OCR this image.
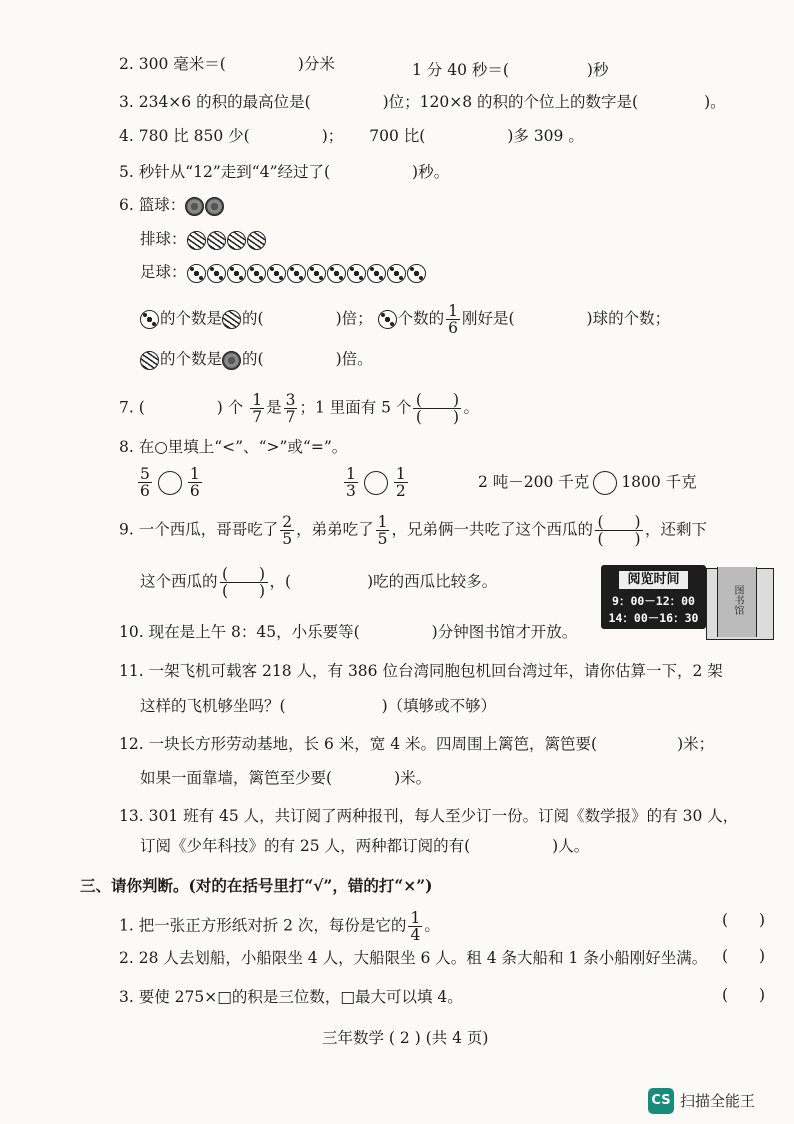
2. 300 毫米＝(	)分米	1 分 40 秒＝(	)秒
3. 234×6 的积的最高位是(	)位；120×8 的积的个位上的数字是(	)。
4. 780 比 850 少(	)； 700 比(	)多 309 。
5. 秒针从“12”走到“4”经过了(	)秒。
6. 篮球：
排球：
足球：
的个数是 的(	)倍； 个数的 $\frac{1}{6}$ 刚好是(	)球的个数；
的个数是 的(	)倍。
7. (	) 个 $\frac{1}{7}$ 是 $\frac{3}{7}$ ；1 里面有 5 个 (　　)
(　　)
。
8. 在○里填上“<”、“>”或“=”。
$\frac{5}{6} \frac{1}{6}$	$\frac{1}{3} \frac{1}{2}$	2 吨－200 千克 1800 千克
9. 一个西瓜，哥哥吃了 $\frac{2}{5}$ ，弟弟吃了 $\frac{1}{5}$ ，兄弟俩一共吃了这个西瓜的 (　　)
(　　)
，还剩下
这个西瓜的 (　　)
(　　)
，(	)吃的西瓜比较多。	阅览时间
9：00－12：00
14：00－16：30
图书馆
10. 现在是上午 8：45，小乐要等(	)分钟图书馆才开放。
11. 一架飞机可载客 218 人，有 386 位台湾同胞包机回台湾过年，请你估算一下，2 架
这样的飞机够坐吗？(	)（填够或不够）
12. 一块长方形劳动基地，长 6 米，宽 4 米。四周围上篱笆，篱笆要(	)米；
如果一面靠墙，篱笆至少要(	)米。
13. 301 班有 45 人，共订阅了两种报刊，每人至少订一份。订阅《数学报》的有 30 人，
订阅《少年科技》的有 25 人，两种都订阅的有(	)人。
三、请你判断。(对的在括号里打“√”，错的打“×”)
1. 把一张正方形纸对折 2 次，每份是它的 $\frac{1}{4}$ 。	(　　)
2. 28 人去划船，小船限坐 4 人，大船限坐 6 人。租 4 条大船和 1 条小船刚好坐满。 (　　)
3. 要使 275×□的积是三位数，□最大可以填 4。	(　　)
三年数学 ( 2 ) (共 4 页)
CS 扫描全能王
